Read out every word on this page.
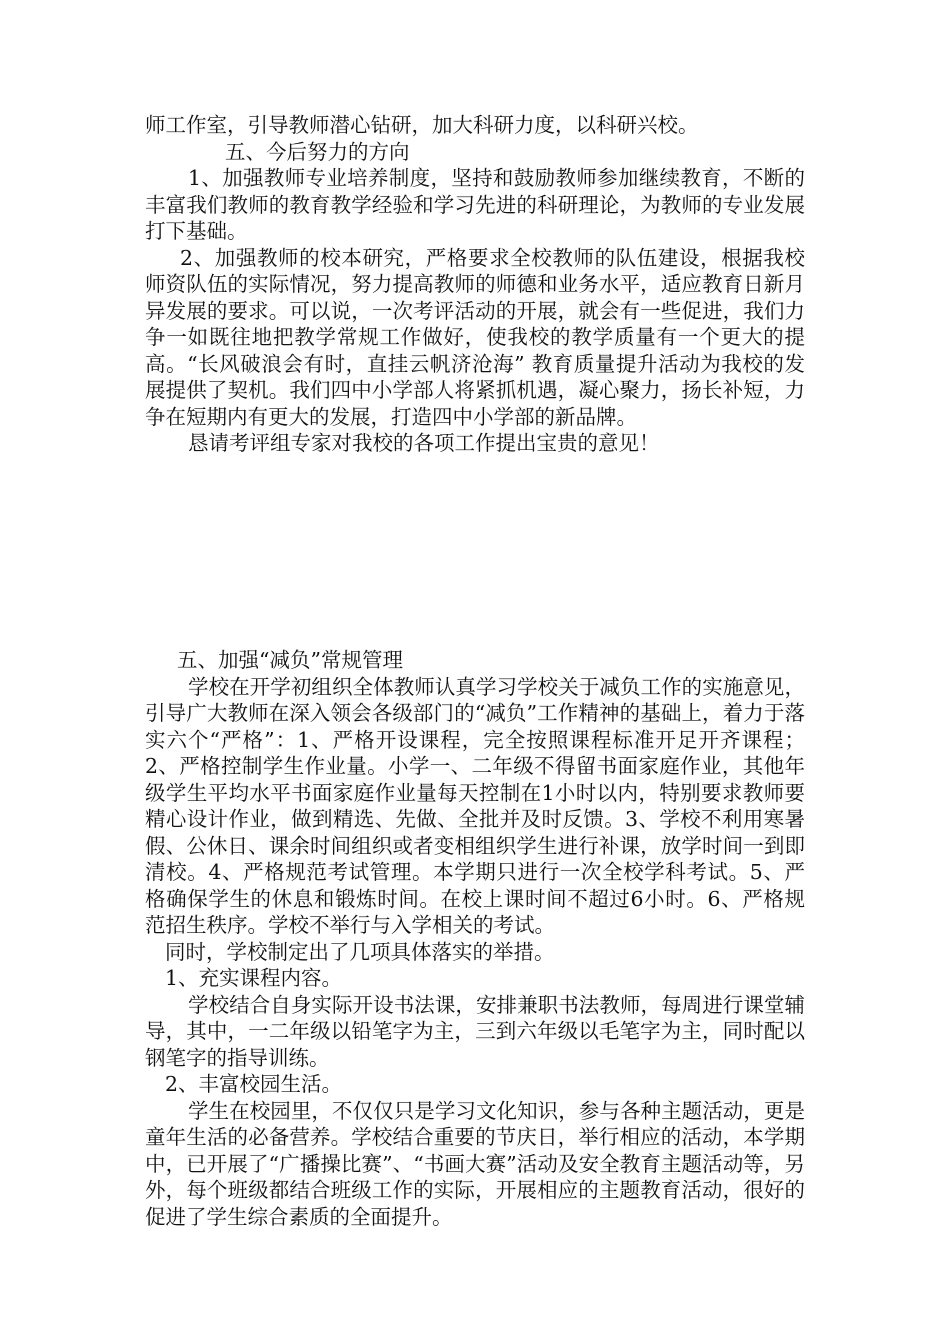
师工作室，引导教师潜心钻研，加大科研力度，以科研兴校。

五、今后努力的方向

1、加强教师专业培养制度，坚持和鼓励教师参加继续教育，不断的丰富我们教师的教育教学经验和学习先进的科研理论，为教师的专业发展打下基础。

2、加强教师的校本研究，严格要求全校教师的队伍建设，根据我校师资队伍的实际情况，努力提高教师的师德和业务水平，适应教育日新月异发展的要求。可以说，一次考评活动的开展，就会有一些促进，我们力争一如既往地把教学常规工作做好，使我校的教学质量有一个更大的提高。“长风破浪会有时，直挂云帆济沧海” 教育质量提升活动为我校的发展提供了契机。我们四中小学部人将紧抓机遇，凝心聚力，扬长补短，力争在短期内有更大的发展，打造四中小学部的新品牌。

恳请考评组专家对我校的各项工作提出宝贵的意见！

五、加强“减负”常规管理

学校在开学初组织全体教师认真学习学校关于减负工作的实施意见，引导广大教师在深入领会各级部门的“减负”工作精神的基础上，着力于落实六个“严格”：1、严格开设课程，完全按照课程标准开足开齐课程；2、严格控制学生作业量。小学一、二年级不得留书面家庭作业，其他年级学生平均水平书面家庭作业量每天控制在1小时以内，特别要求教师要精心设计作业，做到精选、先做、全批并及时反馈。3、学校不利用寒暑假、公休日、课余时间组织或者变相组织学生进行补课，放学时间一到即清校。4、严格规范考试管理。本学期只进行一次全校学科考试。5、严格确保学生的休息和锻炼时间。在校上课时间不超过6小时。6、严格规范招生秩序。学校不举行与入学相关的考试。

同时，学校制定出了几项具体落实的举措。

1、充实课程内容。

学校结合自身实际开设书法课，安排兼职书法教师，每周进行课堂辅导，其中，一二年级以铅笔字为主，三到六年级以毛笔字为主，同时配以钢笔字的指导训练。

2、丰富校园生活。

学生在校园里，不仅仅只是学习文化知识，参与各种主题活动，更是童年生活的必备营养。学校结合重要的节庆日，举行相应的活动，本学期中，已开展了“广播操比赛”、“书画大赛”活动及安全教育主题活动等，另外，每个班级都结合班级工作的实际，开展相应的主题教育活动，很好的促进了学生综合素质的全面提升。
